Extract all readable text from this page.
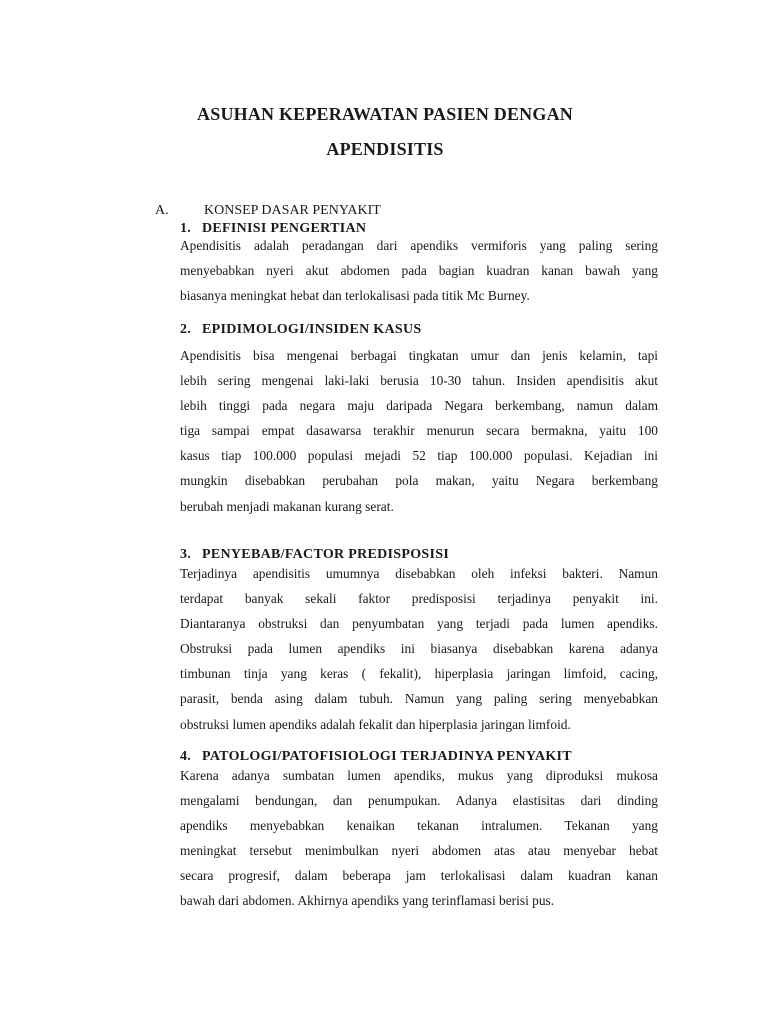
ASUHAN KEPERAWATAN PASIEN DENGAN
APENDISITIS
A.	KONSEP DASAR PENYAKIT
1. DEFINISI PENGERTIAN
Apendisitis adalah peradangan dari apendiks vermiforis yang paling sering
menyebabkan nyeri akut abdomen pada bagian kuadran kanan bawah yang
biasanya meningkat hebat dan terlokalisasi pada titik Mc Burney.
2. EPIDIMOLOGI/INSIDEN KASUS
Apendisitis bisa mengenai berbagai tingkatan umur dan jenis kelamin, tapi
lebih sering mengenai laki-laki berusia 10-30 tahun. Insiden apendisitis akut
lebih tinggi pada negara maju daripada Negara berkembang, namun dalam
tiga sampai empat dasawarsa terakhir menurun secara bermakna, yaitu 100
kasus tiap 100.000 populasi mejadi 52 tiap 100.000 populasi. Kejadian ini
mungkin disebabkan perubahan pola makan, yaitu Negara berkembang
berubah menjadi makanan kurang serat.
3. PENYEBAB/FACTOR PREDISPOSISI
Terjadinya apendisitis umumnya disebabkan oleh infeksi bakteri. Namun
terdapat banyak sekali faktor predisposisi terjadinya penyakit ini.
Diantaranya obstruksi dan penyumbatan yang terjadi pada lumen apendiks.
Obstruksi pada lumen apendiks ini biasanya disebabkan karena adanya
timbunan tinja yang keras ( fekalit), hiperplasia jaringan limfoid, cacing,
parasit, benda asing dalam tubuh. Namun yang paling sering menyebabkan
obstruksi lumen apendiks adalah fekalit dan hiperplasia jaringan limfoid.
4. PATOLOGI/PATOFISIOLOGI TERJADINYA PENYAKIT
Karena adanya sumbatan lumen apendiks, mukus yang diproduksi mukosa
mengalami bendungan, dan penumpukan. Adanya elastisitas dari dinding
apendiks menyebabkan kenaikan tekanan intralumen. Tekanan yang
meningkat tersebut menimbulkan nyeri abdomen atas atau menyebar hebat
secara progresif, dalam beberapa jam terlokalisasi dalam kuadran kanan
bawah dari abdomen. Akhirnya apendiks yang terinflamasi berisi pus.
